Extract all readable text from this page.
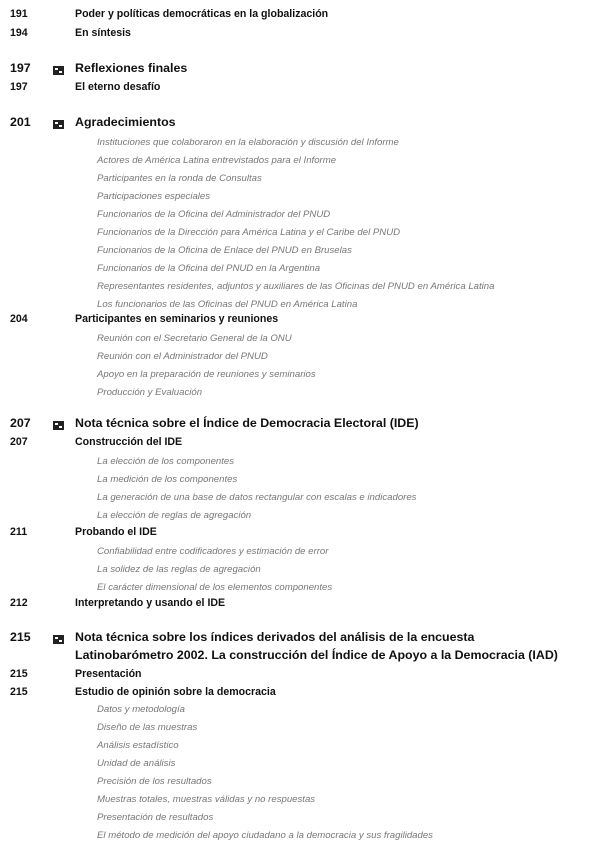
191	Poder y políticas democráticas en la globalización
194	En síntesis
197	Reflexiones finales
197	El eterno desafío
201	Agradecimientos
Instituciones que colaboraron en la elaboración y discusión del Informe
Actores de América Latina entrevistados para el Informe
Participantes en la ronda de Consultas
Participaciones especiales
Funcionarios de la Oficina del Administrador del PNUD
Funcionarios de la Dirección para América Latina y el Caribe del PNUD
Funcionarios de la Oficina de Enlace del PNUD en Bruselas
Funcionarios de la Oficina del PNUD en la Argentina
Representantes residentes, adjuntos y auxiliares de las Oficinas del PNUD en América Latina
Los funcionarios de las Oficinas del PNUD en América Latina
204	Participantes en seminarios y reuniones
Reunión con el Secretario General de la ONU
Reunión con el Administrador del PNUD
Apoyo en la preparación de reuniones y seminarios
Producción y Evaluación
207	Nota técnica sobre el Índice de Democracia Electoral (IDE)
207	Construcción del IDE
La elección de los componentes
La medición de los componentes
La generación de una base de datos rectangular con escalas e indicadores
La elección de reglas de agregación
211	Probando el IDE
Confiabilidad entre codificadores y estimación de error
La solidez de las reglas de agregación
El carácter dimensional de los elementos componentes
212	Interpretando y usando el IDE
215	Nota técnica sobre los índices derivados del análisis de la encuesta
Latinobarómetro 2002. La construcción del Índice de Apoyo a la Democracia (IAD)
215	Presentación
215	Estudio de opinión sobre la democracia
Datos y metodología
Diseño de las muestras
Análisis estadístico
Unidad de análisis
Precisión de los resultados
Muestras totales, muestras válidas y no respuestas
Presentación de resultados
El método de medición del apoyo ciudadano a la democracia y sus fragilidades
